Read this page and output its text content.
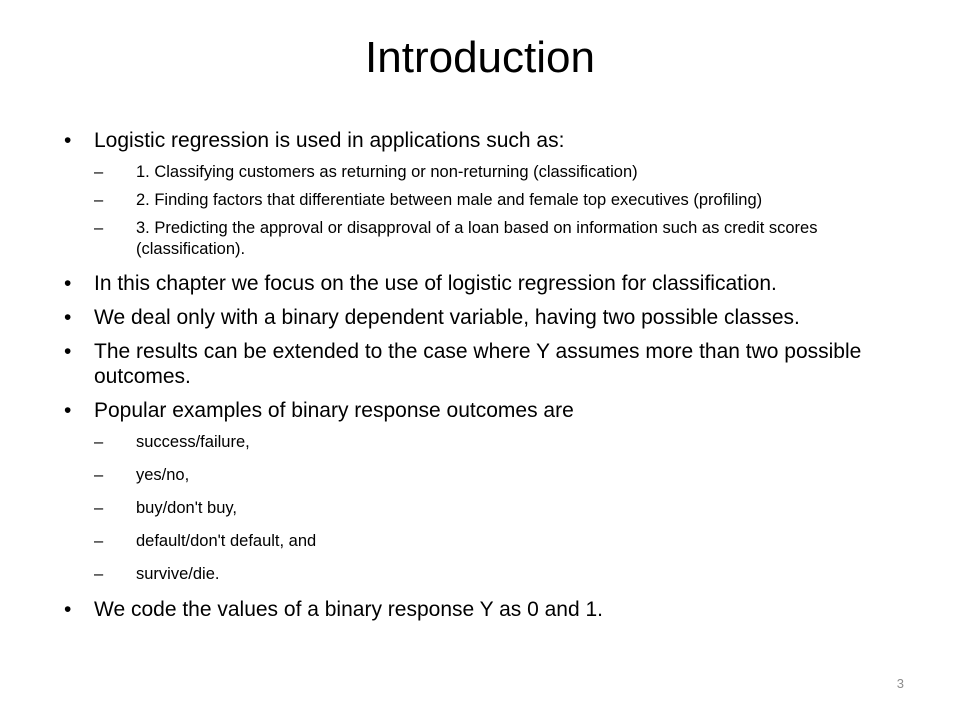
Introduction
•	Logistic regression is used in applications such as:
–	1. Classifying customers as returning or non-returning (classification)
–	2. Finding factors that differentiate between male and female top executives (profiling)
–	3. Predicting the approval or disapproval of a loan based on information such as credit scores (classification).
•	In this chapter we focus on the use of logistic regression for classification.
•	We deal only with a binary dependent variable, having two possible classes.
•	The results can be extended to the case where Y assumes more than two possible outcomes.
•	Popular examples of binary response outcomes are
–	success/failure,
–	yes/no,
–	buy/don't buy,
–	default/don't default, and
–	survive/die.
•	We code the values of a binary response Y as 0 and 1.
3
